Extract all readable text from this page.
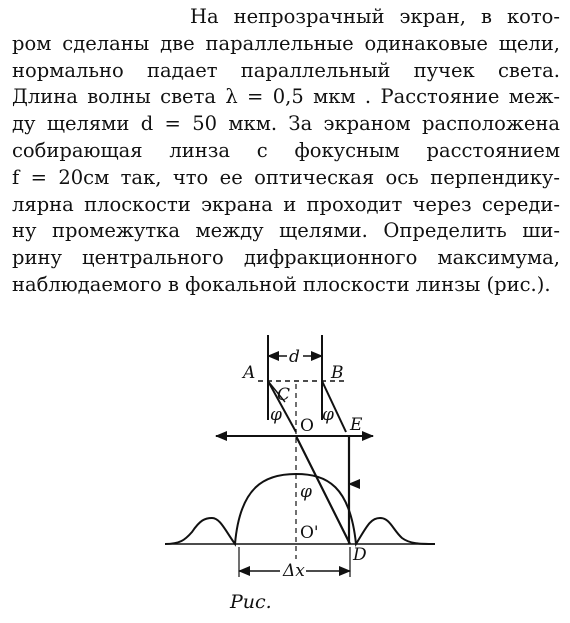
На непрозрачный экран, в кото-
ром сделаны две параллельные одинаковые щели,
нормально падает параллельный пучек света.
Длина волны света λ = 0,5 мкм . Расстояние меж-
ду щелями d = 50 мкм. За экраном расположена
собирающая линза с фокусным расстоянием
f = 20см так, что ее оптическая ось перпендику-
лярна плоскости экрана и проходит через середи-
ну промежутка между щелями. Определить ши-
рину центрального дифракционного максимума,
наблюдаемого в фокальной плоскости линзы (рис.).
d
A	B
C
φ φ
O E
φ
O'
D
Δx
Рис.
